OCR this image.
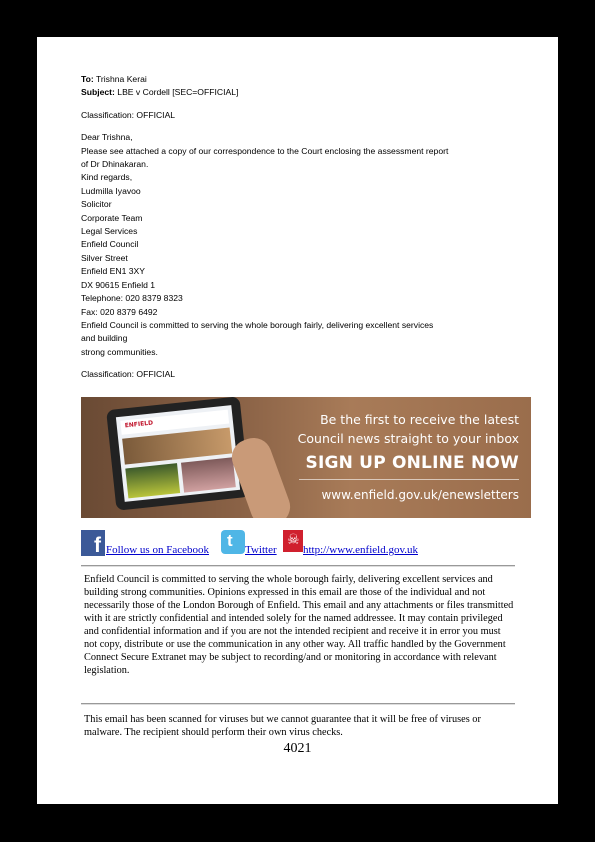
To: Trishna Kerai

Subject: LBE v Cordell [SEC=OFFICIAL]

Classification: OFFICIAL

Dear Trishna,

Please see attached a copy of our correspondence to the Court enclosing the assessment report

of Dr Dhinakaran.

Kind regards,

Ludmilla Iyavoo

Solicitor

Corporate Team

Legal Services

Enfield Council

Silver Street

Enfield EN1 3XY

DX 90615 Enfield 1

Telephone: 020 8379 8323

Fax: 020 8379 6492

Enfield Council is committed to serving the whole borough fairly, delivering excellent services

and building

strong communities.

Classification: OFFICIAL

ENFIELD	Be the first to receive the latest
Council news straight to your inbox
SIGN UP ONLINE NOW
www.enfield.gov.uk/enewsletters
f Follow us on Facebook t Twitter
☠
http://www.enfield.gov.uk
Enfield Council is committed to serving the whole borough fairly, delivering excellent services and building strong communities. Opinions expressed in this email are those of the individual and not necessarily those of the London Borough of Enfield. This email and any attachments or files transmitted with it are strictly confidential and intended solely for the named addressee. It may contain privileged and confidential information and if you are not the intended recipient and receive it in error you must not copy, distribute or use the communication in any other way. All traffic handled by the Government Connect Secure Extranet may be subject to recording/and or monitoring in accordance with relevant legislation.
This email has been scanned for viruses but we cannot guarantee that it will be free of viruses or malware. The recipient should perform their own virus checks.
4021
